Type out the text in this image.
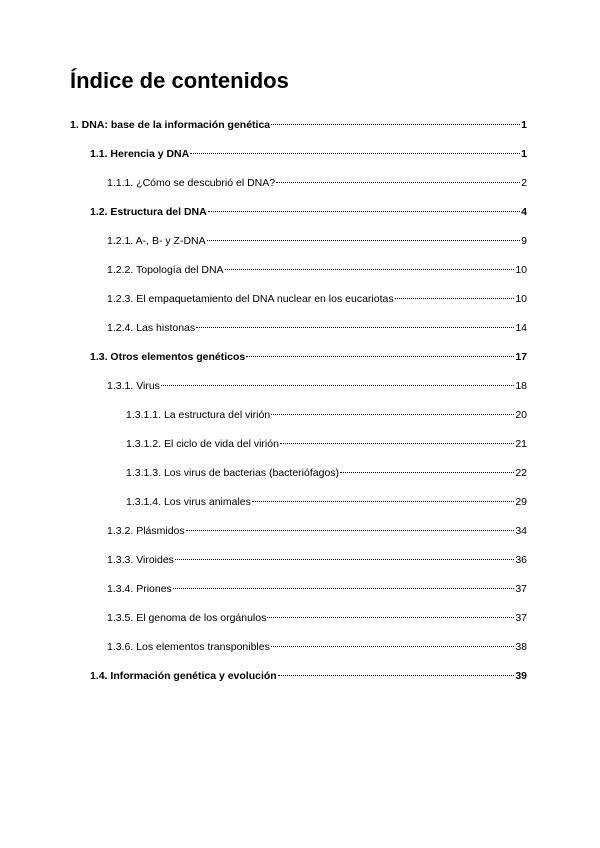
Índice de contenidos
1. DNA: base de la información genética	1
1.1. Herencia y DNA	1
1.1.1. ¿Cómo se descubrió el DNA?	2
1.2. Estructura del DNA	4
1.2.1. A-, B- y Z-DNA	9
1.2.2. Topología del DNA	10
1.2.3. El empaquetamiento del DNA nuclear en los eucariotas	10
1.2.4. Las histonas	14
1.3. Otros elementos genéticos	17
1.3.1. Virus	18
1.3.1.1. La estructura del virión	20
1.3.1.2. El ciclo de vida del virión	21
1.3.1.3. Los virus de bacterias (bacteriófagos)	22
1.3.1.4. Los virus animales	29
1.3.2. Plásmidos	34
1.3.3. Viroides	36
1.3.4. Priones	37
1.3.5. El genoma de los orgánulos	37
1.3.6. Los elementos transponibles	38
1.4. Información genética y evolución	39
